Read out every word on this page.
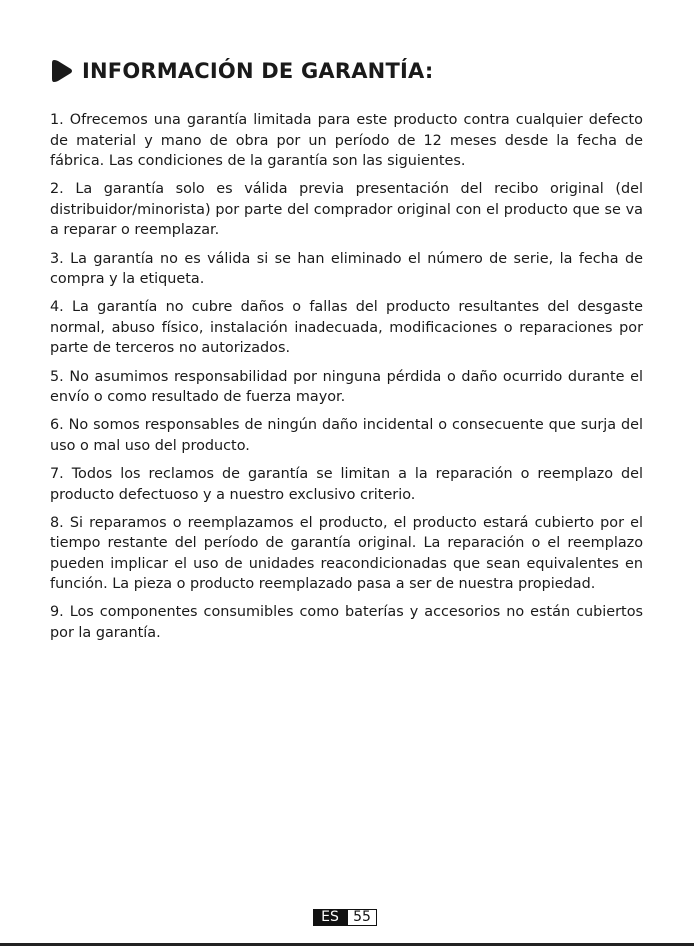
INFORMACIÓN DE GARANTÍA:

1. Ofrecemos una garantía limitada para este producto contra cualquier defecto de material y mano de obra por un período de 12 meses desde la fecha de fábrica. Las condiciones de la garantía son las siguientes.

2. La garantía solo es válida previa presentación del recibo original (del distribuidor/minorista) por parte del comprador original con el producto que se va a reparar o reemplazar.

3. La garantía no es válida si se han eliminado el número de serie, la fecha de compra y la etiqueta.

4. La garantía no cubre daños o fallas del producto resultantes del desgaste normal, abuso físico, instalación inadecuada, modificaciones o reparaciones por parte de terceros no autorizados.

5. No asumimos responsabilidad por ninguna pérdida o daño ocurrido durante el envío o como resultado de fuerza mayor.

6. No somos responsables de ningún daño incidental o consecuente que surja del uso o mal uso del producto.

7. Todos los reclamos de garantía se limitan a la reparación o reemplazo del producto defectuoso y a nuestro exclusivo criterio.

8. Si reparamos o reemplazamos el producto, el producto estará cubierto por el tiempo restante del período de garantía original. La reparación o el reemplazo pueden implicar el uso de unidades reacondicionadas que sean equivalentes en función. La pieza o producto reemplazado pasa a ser de nuestra propiedad.

9. Los componentes consumibles como baterías y accesorios no están cubiertos por la garantía.

ES	55
